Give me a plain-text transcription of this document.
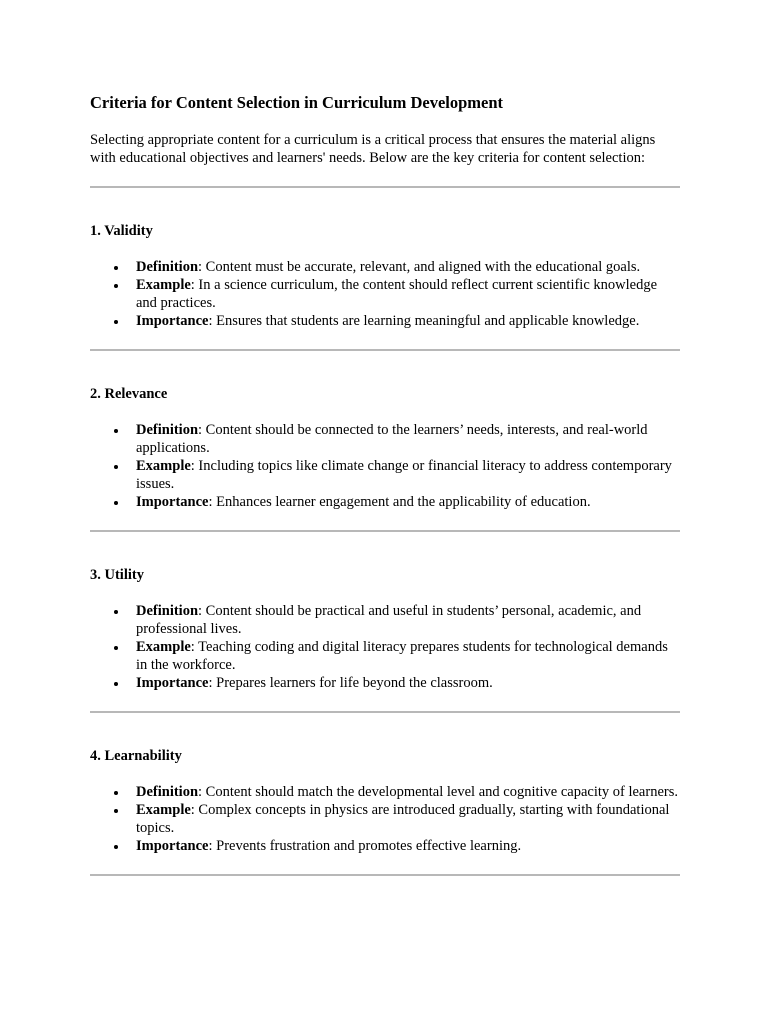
Criteria for Content Selection in Curriculum Development

Selecting appropriate content for a curriculum is a critical process that ensures the material aligns with educational objectives and learners' needs. Below are the key criteria for content selection:

1. Validity
Definition: Content must be accurate, relevant, and aligned with the educational goals.
Example: In a science curriculum, the content should reflect current scientific knowledge and practices.
Importance: Ensures that students are learning meaningful and applicable knowledge.
2. Relevance
Definition: Content should be connected to the learners’ needs, interests, and real-world applications.
Example: Including topics like climate change or financial literacy to address contemporary issues.
Importance: Enhances learner engagement and the applicability of education.
3. Utility
Definition: Content should be practical and useful in students’ personal, academic, and professional lives.
Example: Teaching coding and digital literacy prepares students for technological demands in the workforce.
Importance: Prepares learners for life beyond the classroom.
4. Learnability
Definition: Content should match the developmental level and cognitive capacity of learners.
Example: Complex concepts in physics are introduced gradually, starting with foundational topics.
Importance: Prevents frustration and promotes effective learning.
